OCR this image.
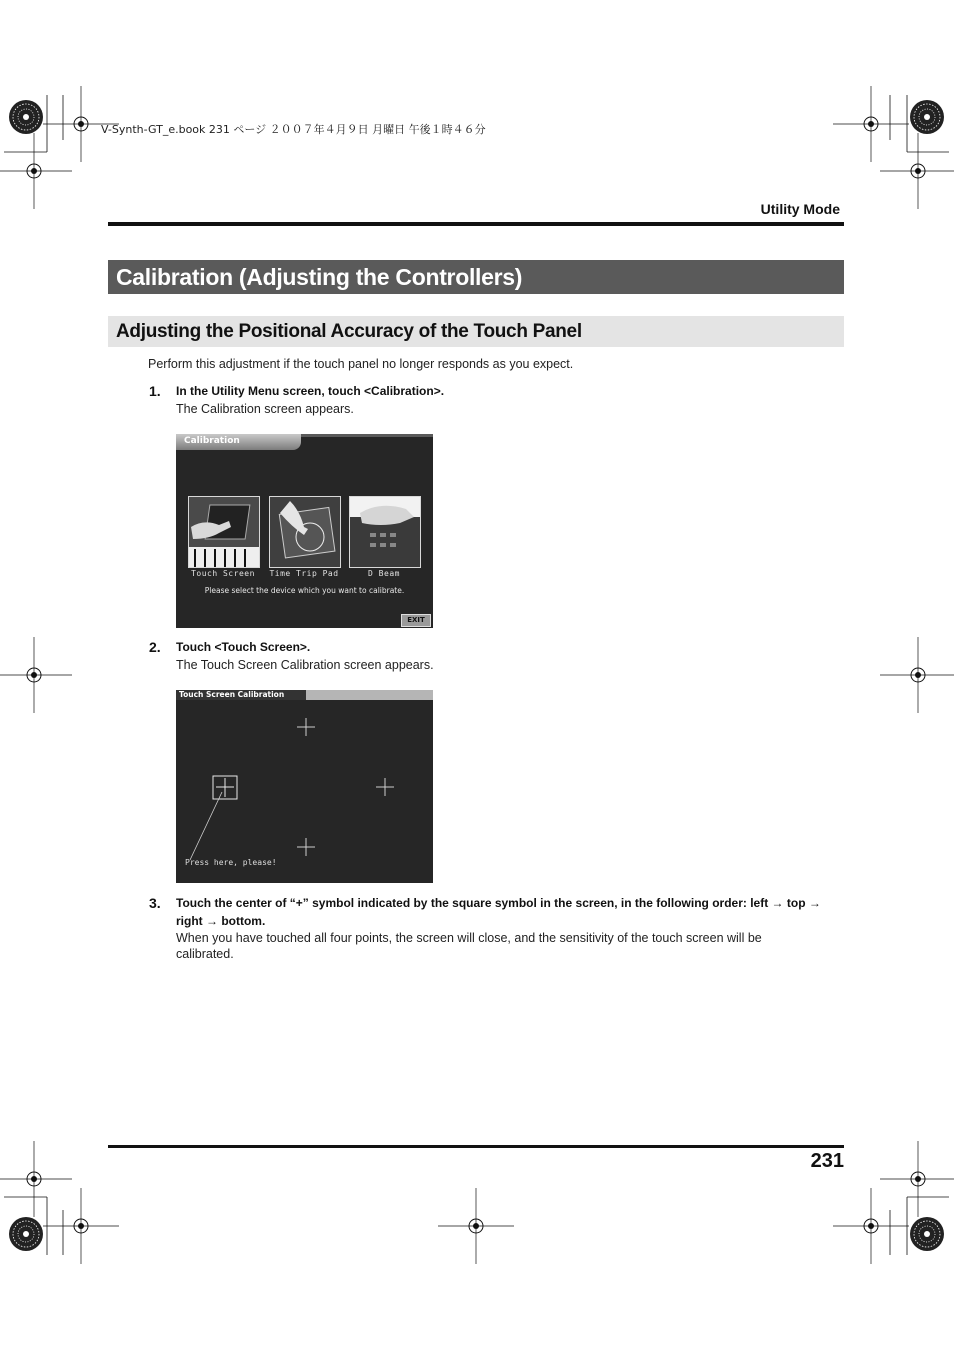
V-Synth-GT_e.book 231 ページ ２００７年４月９日 月曜日 午後１時４６分
Utility Mode
Calibration (Adjusting the Controllers)
Adjusting the Positional Accuracy of the Touch Panel
Perform this adjustment if the touch panel no longer responds as you expect.
1. In the Utility Menu screen, touch <Calibration>.
The Calibration screen appears.
Calibration
Touch Screen	Time Trip Pad	D Beam
Please select the device which you want to calibrate.
EXIT
2. Touch <Touch Screen>.
The Touch Screen Calibration screen appears.
Touch Screen Calibration
Press here, please!
3. Touch the center of “+” symbol indicated by the square symbol in the screen, in the following order: left → top →
right → bottom.
When you have touched all four points, the screen will close, and the sensitivity of the touch screen will be
calibrated.
231
